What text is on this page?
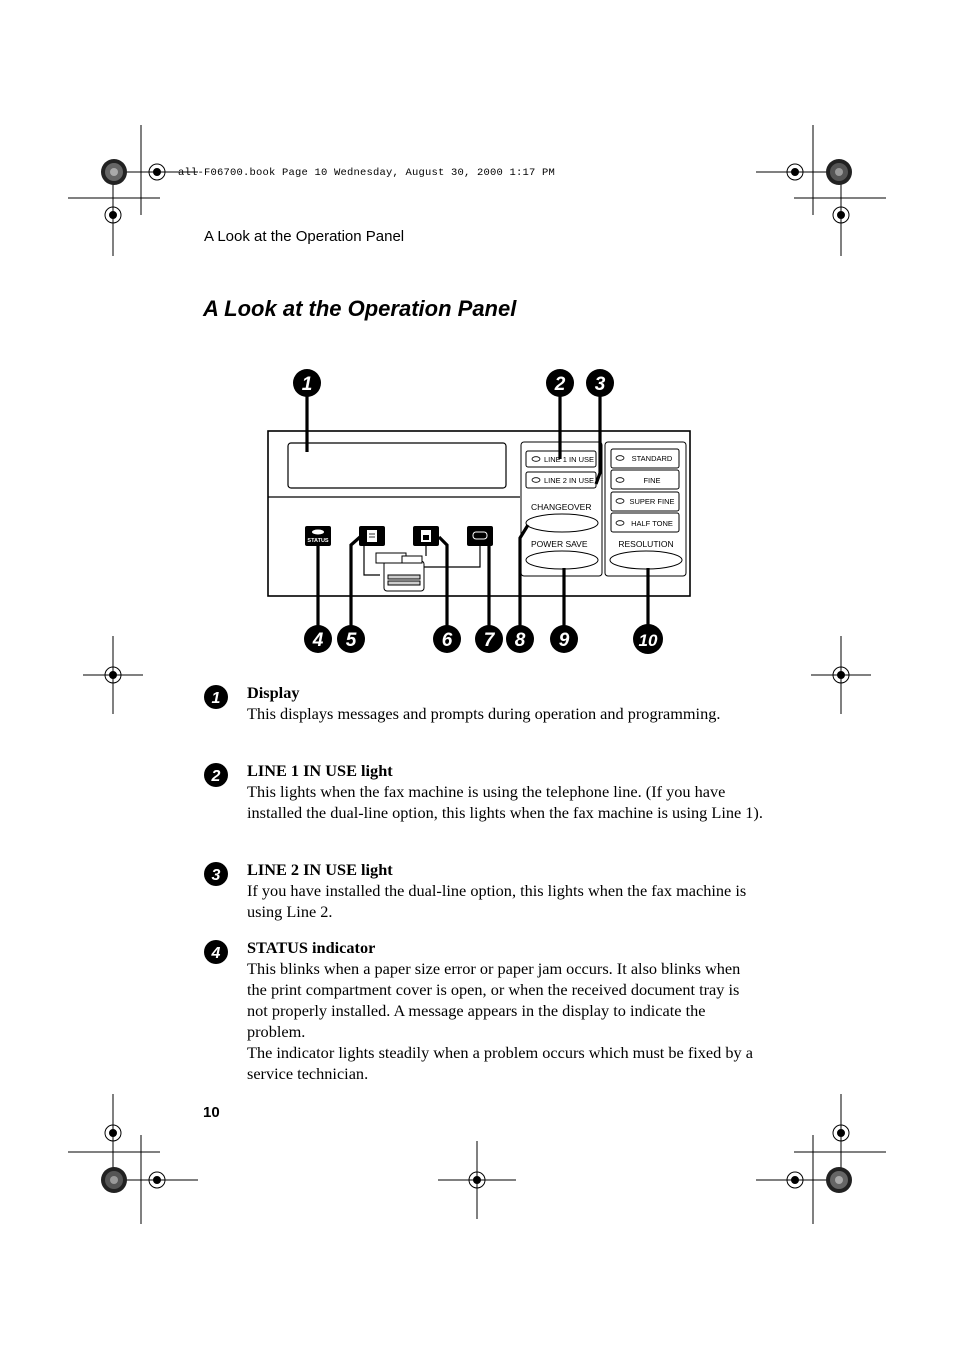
all-F06700.book Page 10 Wednesday, August 30, 2000 1:17 PM
A Look at the Operation Panel
A Look at the Operation Panel
LINE 1 IN USE
LINE 2 IN USE
CHANGEOVER
POWER SAVE
STANDARD
FINE
SUPER FINE
HALF TONE
RESOLUTION
STATUS
1	2 3
4 5	6 7 8 9	10
1 Display
This displays messages and prompts during operation and programming.
2 LINE 1 IN USE light
This lights when the fax machine is using the telephone line. (If you have installed the dual-line option, this lights when the fax machine is using Line 1).
3 LINE 2 IN USE light
If you have installed the dual-line option, this lights when the fax machine is using Line 2.
4 STATUS indicator
This blinks when a paper size error or paper jam occurs. It also blinks when the print compartment cover is open, or when the received document tray is not properly installed. A message appears in the display to indicate the problem.
The indicator lights steadily when a problem occurs which must be fixed by a service technician.
10
